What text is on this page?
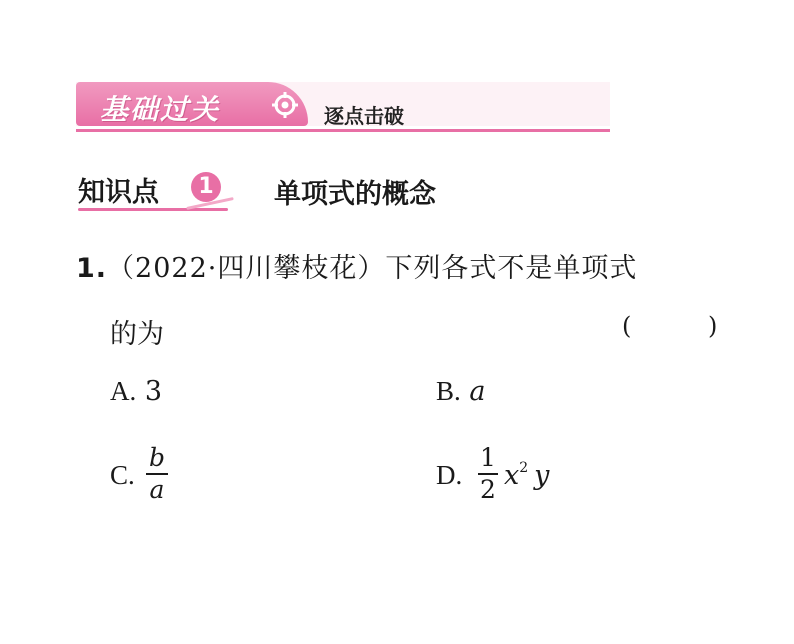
基础过关	逐点击破
知识点	1 单项式的概念
1.（2022·四川攀枝花）下列各式不是单项式
的为	(	)
A. 3	B. a
C.
b
a	D.
1
2 $x^2$ y
